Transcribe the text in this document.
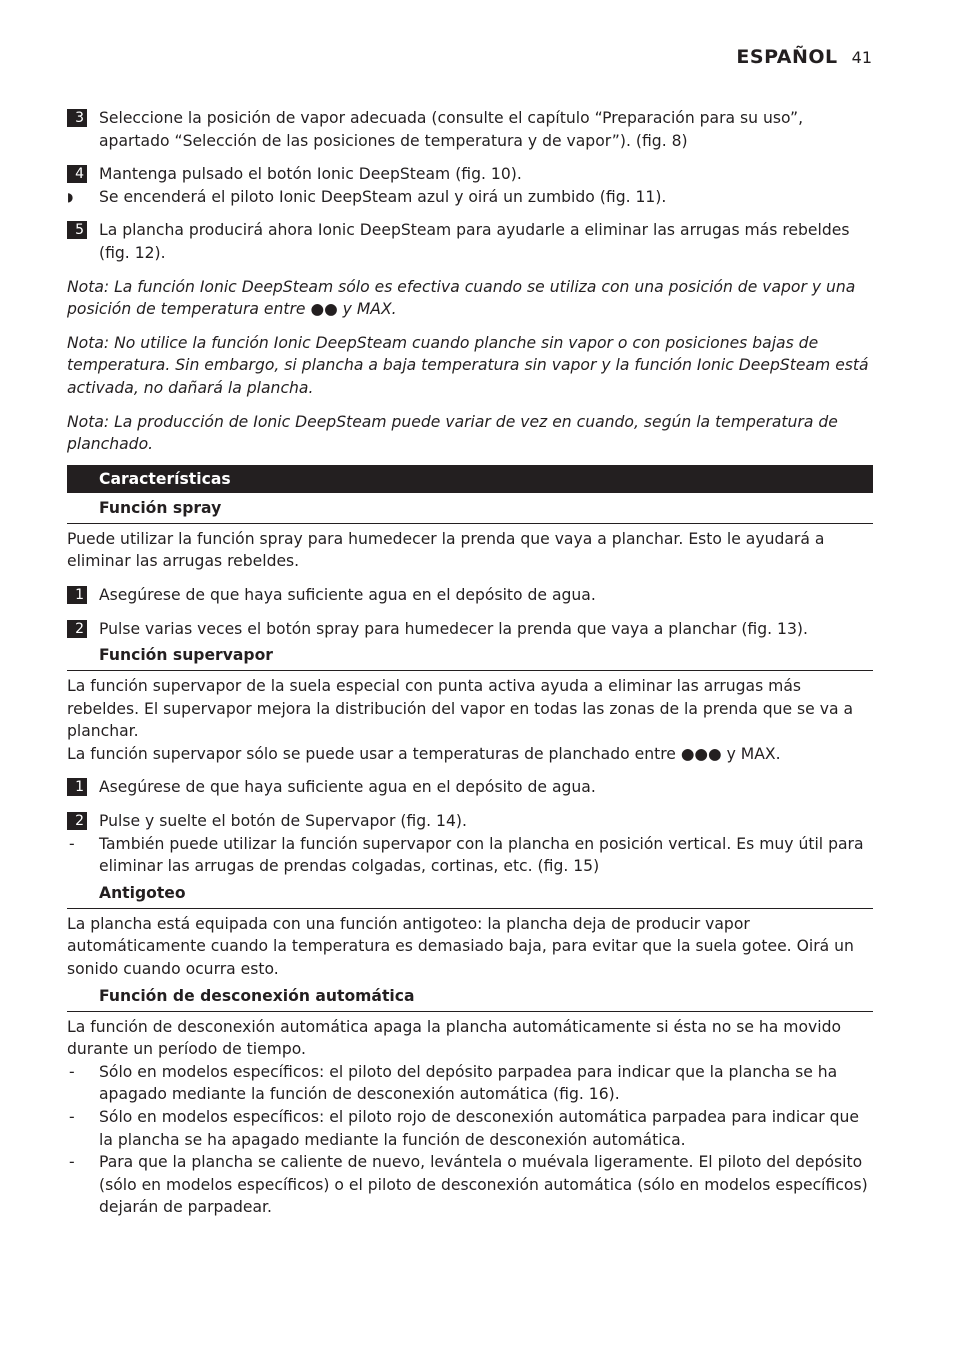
ESPAÑOL 41
3 Seleccione la posición de vapor adecuada (consulte el capítulo “Preparación para su uso”, apartado “Selección de las posiciones de temperatura y de vapor”). (fig. 8)
4 Mantenga pulsado el botón Ionic DeepSteam (fig. 10).
◗	Se encenderá el piloto Ionic DeepSteam azul y oirá un zumbido (fig. 11).
5 La plancha producirá ahora Ionic DeepSteam para ayudarle a eliminar las arrugas más rebeldes (fig. 12).
Nota: La función Ionic DeepSteam sólo es efectiva cuando se utiliza con una posición de vapor y una posición de temperatura entre ●● y MAX.
Nota: No utilice la función Ionic DeepSteam cuando planche sin vapor o con posiciones bajas de temperatura. Sin embargo, si plancha a baja temperatura sin vapor y la función Ionic DeepSteam está activada, no dañará la plancha.
Nota: La producción de Ionic DeepSteam puede variar de vez en cuando, según la temperatura de planchado.
Características
Función spray
Puede utilizar la función spray para humedecer la prenda que vaya a planchar. Esto le ayudará a eliminar las arrugas rebeldes.
1 Asegúrese de que haya suficiente agua en el depósito de agua.
2 Pulse varias veces el botón spray para humedecer la prenda que vaya a planchar (fig. 13).
Función supervapor
La función supervapor de la suela especial con punta activa ayuda a eliminar las arrugas más rebeldes. El supervapor mejora la distribución del vapor en todas las zonas de la prenda que se va a planchar.
La función supervapor sólo se puede usar a temperaturas de planchado entre ●●● y MAX.
1 Asegúrese de que haya suficiente agua en el depósito de agua.
2 Pulse y suelte el botón de Supervapor (fig. 14).
-	También puede utilizar la función supervapor con la plancha en posición vertical. Es muy útil para eliminar las arrugas de prendas colgadas, cortinas, etc. (fig. 15)
Antigoteo
La plancha está equipada con una función antigoteo: la plancha deja de producir vapor automáticamente cuando la temperatura es demasiado baja, para evitar que la suela gotee. Oirá un sonido cuando ocurra esto.
Función de desconexión automática
La función de desconexión automática apaga la plancha automáticamente si ésta no se ha movido durante un período de tiempo.
-	Sólo en modelos específicos: el piloto del depósito parpadea para indicar que la plancha se ha apagado mediante la función de desconexión automática (fig. 16).
-	Sólo en modelos específicos: el piloto rojo de desconexión automática parpadea para indicar que la plancha se ha apagado mediante la función de desconexión automática.
-	Para que la plancha se caliente de nuevo, levántela o muévala ligeramente. El piloto del depósito (sólo en modelos específicos) o el piloto de desconexión automática (sólo en modelos específicos) dejarán de parpadear.
